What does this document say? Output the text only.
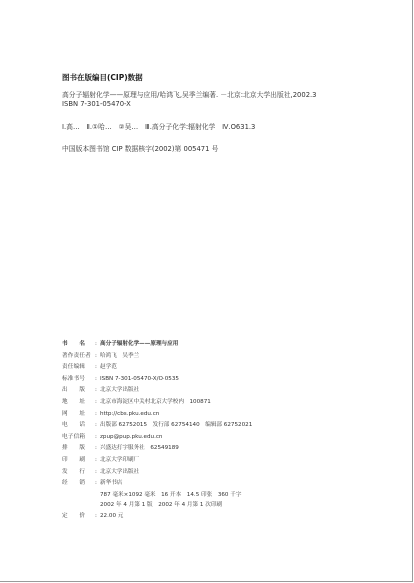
图书在版编目(CIP)数据
高分子辐射化学——原理与应用/哈鸿飞,吴季兰编著. －北京:北京大学出版社,2002.3
ISBN 7-301-05470-X
Ⅰ.高…　Ⅱ.①哈…　②吴…　Ⅲ.高分子化学:辐射化学　Ⅳ.O631.3
中国版本图书馆 CIP 数据核字(2002)第 005471 号
书　　名	: 高分子辐射化学——原理与应用
著作责任者 : 哈鸿飞　吴季兰
责任编辑	: 赵学范
标准书号	: ISBN 7-301-05470-X/O·0535
出　　版	: 北京大学出版社
地　　址	: 北京市海淀区中关村北京大学校内　100871
网　　址	: http://cbs.pku.edu.cn
电　　话	: 出版部 62752015　发行部 62754140　编辑部 62752021
电子信箱	: zpup@pup.pku.edu.cn
排　　版	: 兴盛达打字服务社　62549189
印　　刷	: 北京大学印刷厂
发　　行	: 北京大学出版社
经　　销	: 新华书店
787 毫米×1092 毫米　16 开本　14.5 印张　360 千字
2002 年 4 月第 1 版　2002 年 4 月第 1 次印刷
定　　价	: 22.00 元
